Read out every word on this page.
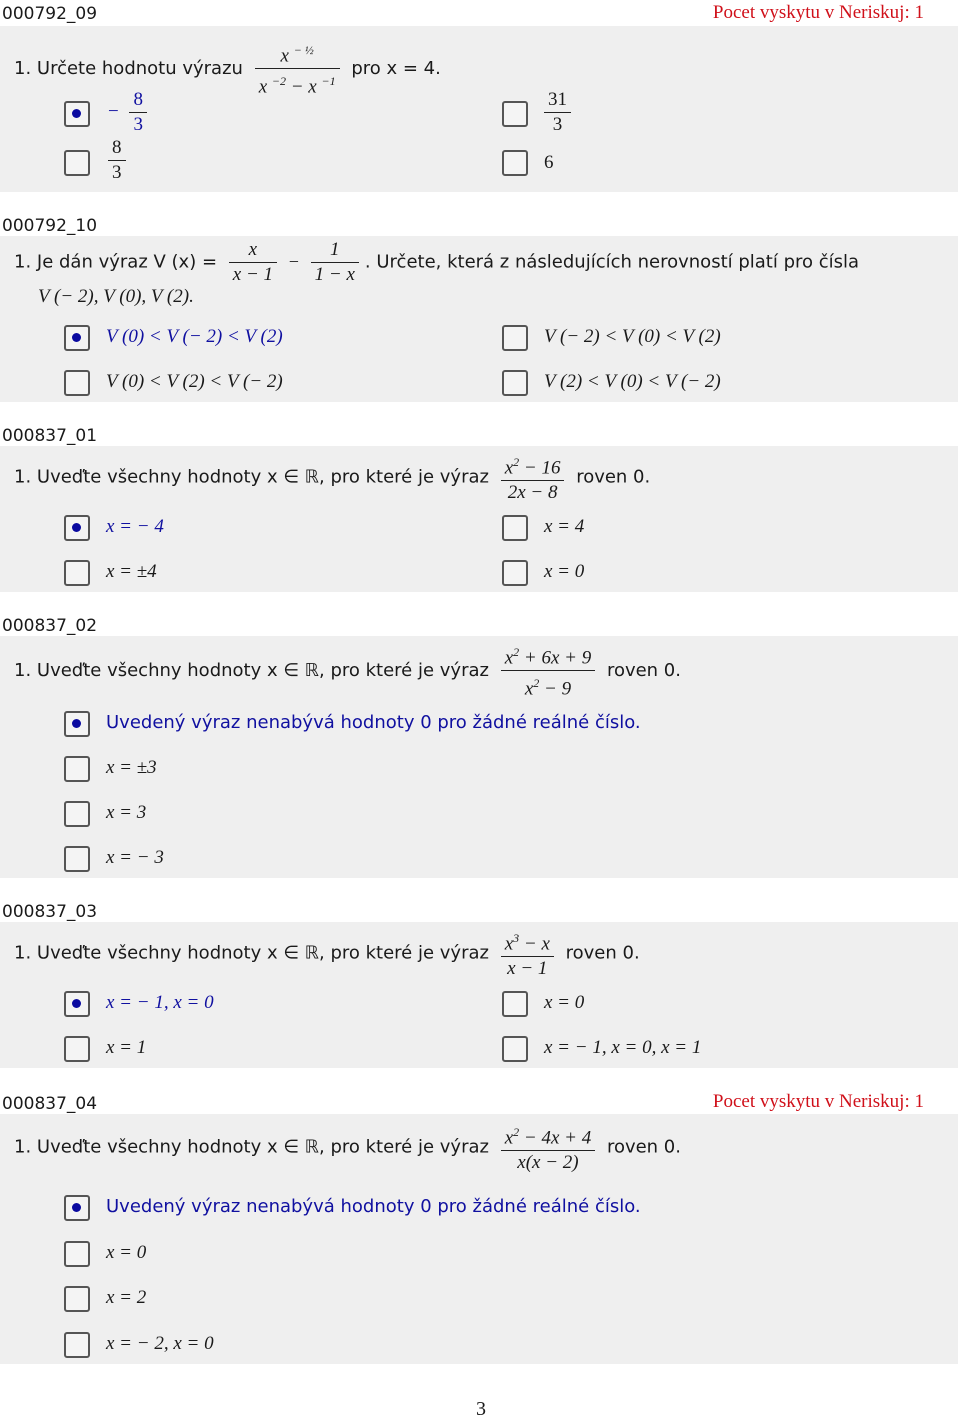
000792_09	Pocet vyskytu v Neriskuj: 1
1. Určete hodnotu výrazu $\frac{x ^{- \frac{1}{2}}}{x ^{-2} - x ^{-1}}$ pro x = 4.
− $\frac{8}{3}$	$\frac{31}{3}$
$\frac{8}{3}$	6
000792_10
1. Je dán výraz V $(x) = \frac{x}{x - 1} - \frac{1}{1 - x}$ . Určete, která z následujících nerovností platí pro čísla
V (− 2), V (0), V (2).
V (0) < V (− 2) < V (2)	V (− 2) < V (0) < V (2)
V (0) < V (2) < V (− 2)	V (2) < V (0) < V (− 2)
000837_01
1. Uveďte všechny hodnoty x ∈ ℝ, pro které je výraz $\frac{x^2 - 16}{2x - 8}$ roven 0.
x = − 4	x = 4
x = ±4	x = 0
000837_02
1. Uveďte všechny hodnoty x ∈ ℝ, pro které je výraz $\frac{x^2 + 6x + 9}{x^2 - 9}$ roven 0.
Uvedený výraz nenabývá hodnoty 0 pro žádné reálné číslo.
x = ±3
x = 3
x = − 3
000837_03
1. Uveďte všechny hodnoty x ∈ ℝ, pro které je výraz $\frac{x^3 - x}{x - 1}$ roven 0.
x = − 1, x = 0	x = 0
x = 1	x = − 1, x = 0, x = 1
000837_04	Pocet vyskytu v Neriskuj: 1
1. Uveďte všechny hodnoty x ∈ ℝ, pro které je výraz $\frac{x^2 - 4x + 4}{x(x - 2)}$ roven 0.
Uvedený výraz nenabývá hodnoty 0 pro žádné reálné číslo.
x = 0
x = 2
x = − 2, x = 0
3
